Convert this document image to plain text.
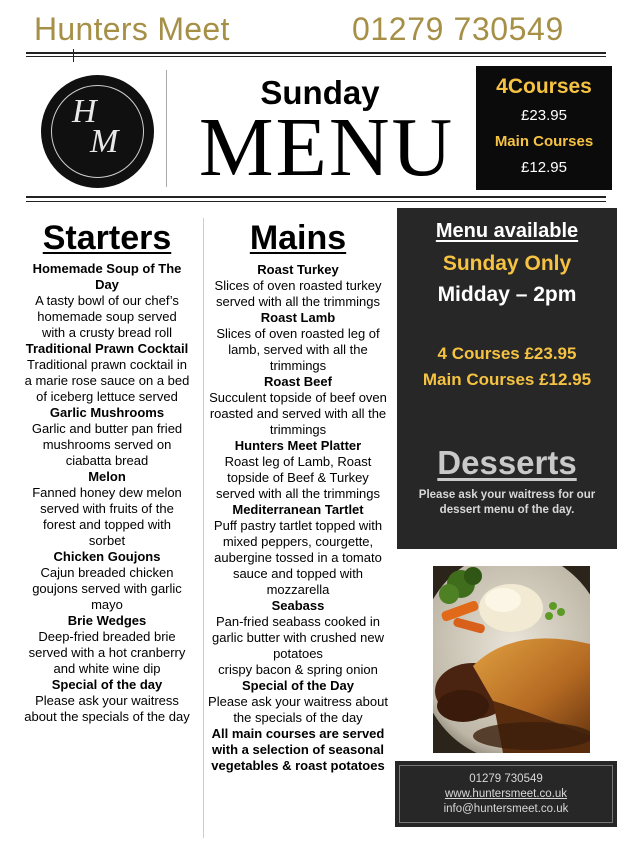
Hunters Meet	01279 730549
H
M
Sunday
MENU
4Courses
£23.95
Main Courses
£12.95
Starters
Homemade Soup of The Day
A tasty bowl of our chef’s homemade soup served with a crusty bread roll
Traditional Prawn Cocktail
Traditional prawn cocktail in a marie rose sauce on a bed of iceberg lettuce served
Garlic Mushrooms
Garlic and butter pan fried mushrooms served on ciabatta bread
Melon
Fanned honey dew melon served with fruits of the forest and topped with sorbet
Chicken Goujons
Cajun breaded chicken goujons served with garlic mayo
Brie Wedges
Deep-fried breaded brie served with a hot cranberry and white wine dip
Special of the day
Please ask your waitress about the specials of the day
Mains
Roast Turkey
Slices of oven roasted turkey served with all the trimmings
Roast Lamb
Slices of oven roasted leg of lamb, served with all the trimmings
Roast Beef
Succulent topside of beef oven roasted and served with all the trimmings
Hunters Meet Platter
Roast leg of Lamb, Roast topside of Beef & Turkey served with all the trimmings
Mediterranean Tartlet
Puff pastry tartlet topped with mixed peppers, courgette, aubergine tossed in a tomato sauce and topped with mozzarella
Seabass
Pan-fried seabass cooked in garlic butter with crushed new potatoes
crispy bacon & spring onion
Special of the Day
Please ask your waitress about the specials of the day
All main courses are served with a selection of seasonal vegetables & roast potatoes
Menu available
Sunday Only
Midday – 2pm
4 Courses £23.95
Main Courses £12.95
Desserts
Please ask your waitress for our dessert menu of the day.
01279 730549
www.huntersmeet.co.uk
info@huntersmeet.co.uk
